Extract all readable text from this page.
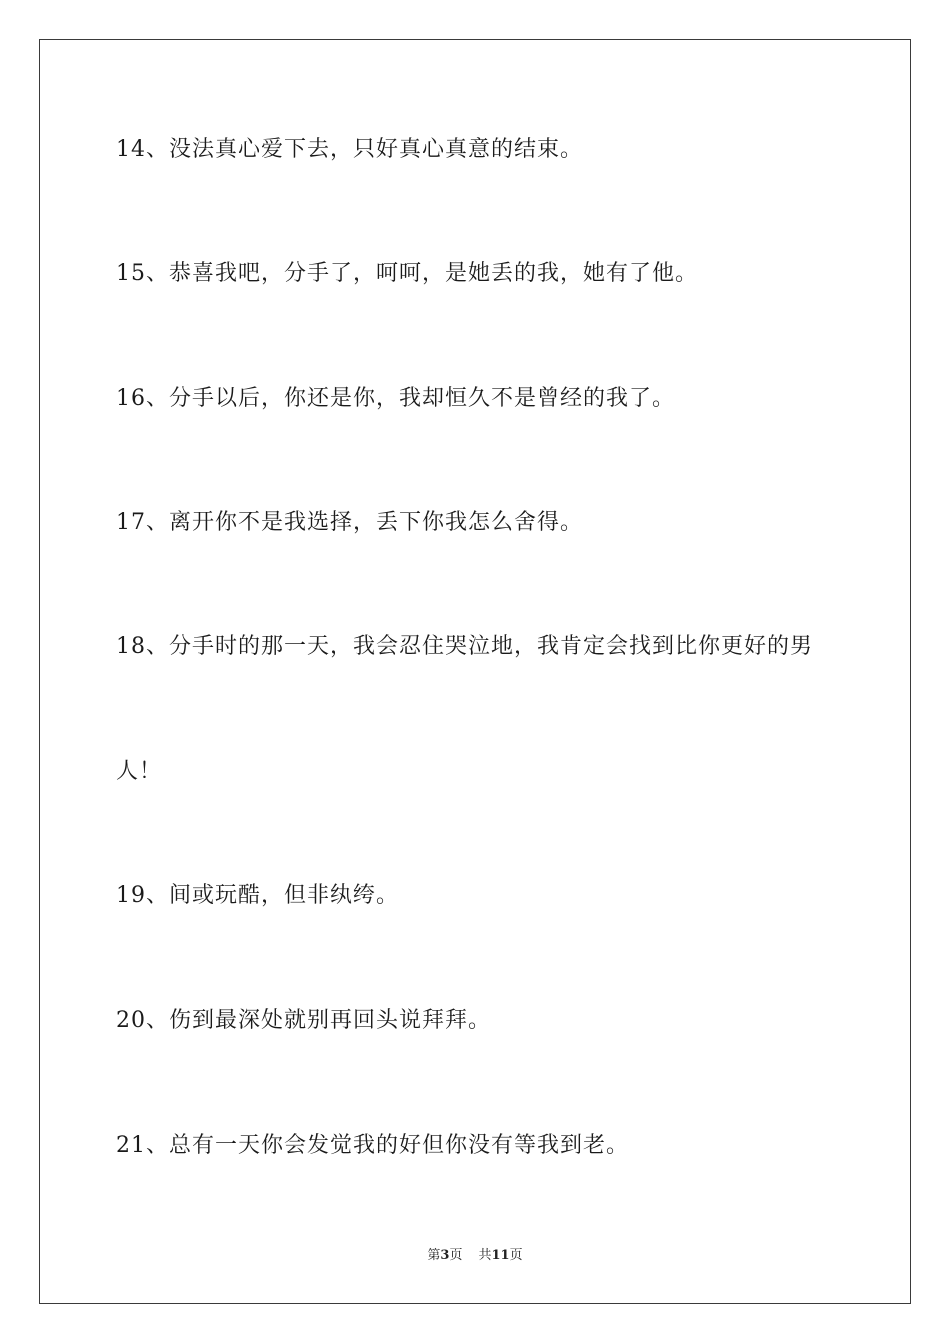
14、没法真心爱下去，只好真心真意的结束。
15、恭喜我吧，分手了，呵呵，是她丢的我，她有了他。
16、分手以后，你还是你，我却恒久不是曾经的我了。
17、离开你不是我选择，丢下你我怎么舍得。
18、分手时的那一天，我会忍住哭泣地，我肯定会找到比你更好的男
人！
19、间或玩酷，但非纨绔。
20、伤到最深处就别再回头说拜拜。
21、总有一天你会发觉我的好但你没有等我到老。
第3页 共11页
